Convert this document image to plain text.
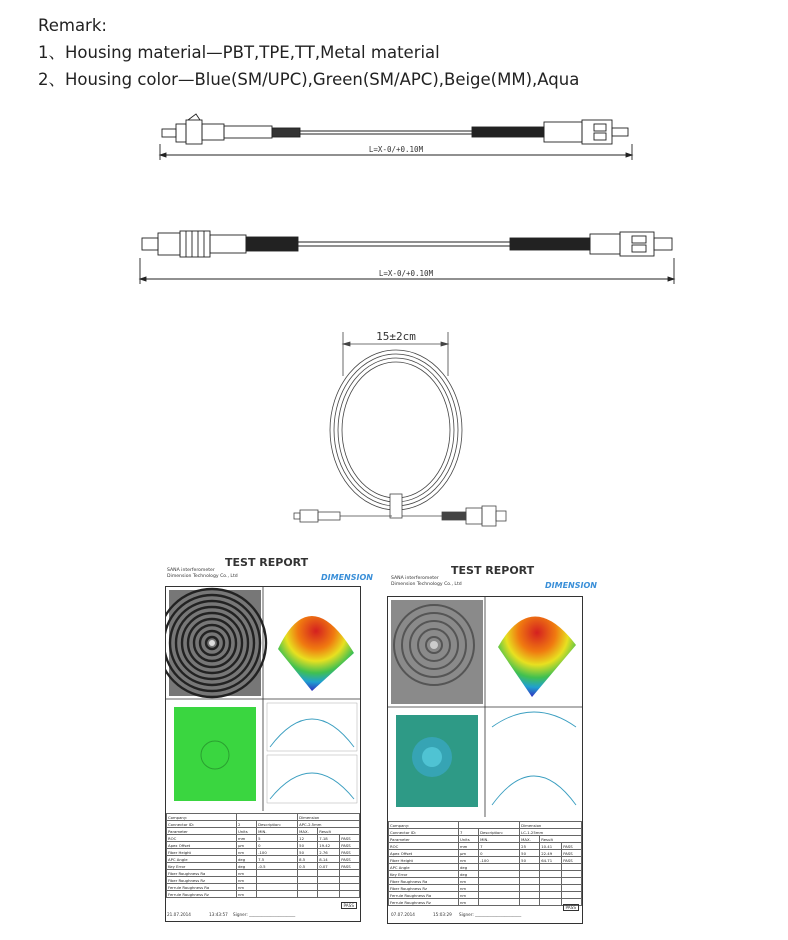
Remark:
1、Housing material—PBT,TPE,TT,Metal material
2、Housing color—Blue(SM/UPC),Green(SM/APC),Beige(MM),Aqua
L=X-0/+0.10M
L=X-0/+0.10M
15±2cm
TEST REPORT
SANA interferometer
Dimension Technology Co., Ltd	DIMENSION
Company:			Dimension		
Connector ID:	2	Description:	APC-2.5mm		
Parameter	Units	MIN.	MAX.	Result	
ROC	mm	5	12	7.18	PASS
Apex Offset	μm	0	50	19.42	PASS
Fiber Height	nm	-100	50	2.76	PASS
APC Angle	deg	7.5	8.5	8.14	PASS
Key Error	deg	-0.5	0.5	0.07	PASS
Fiber Roughness Ra	nm				
Fiber Roughness Rz	nm				
Ferrule Roughness Ra	nm				
Ferrule Roughness Rz	nm				
PASS
21.07.2014	13:43:57 Signer: ______________________
TEST REPORT
SANA interferometer
Dimension Technology Co., Ltd	DIMENSION
Company:			Dimension		
Connector ID:	7	Description:	LC-1.25mm		
Parameter	Units	MIN.	MAX.	Result	
ROC	mm	7	25	10.41	PASS
Apex Offset	μm	0	50	22.49	PASS
Fiber Height	nm	-100	50	64.71	PASS
APC Angle	deg				
Key Error	deg				
Fiber Roughness Ra	nm				
Fiber Roughness Rz	nm				
Ferrule Roughness Ra	nm				
Ferrule Roughness Rz	nm				
PASS
07.07.2014	15:03:29 Signer: ______________________
